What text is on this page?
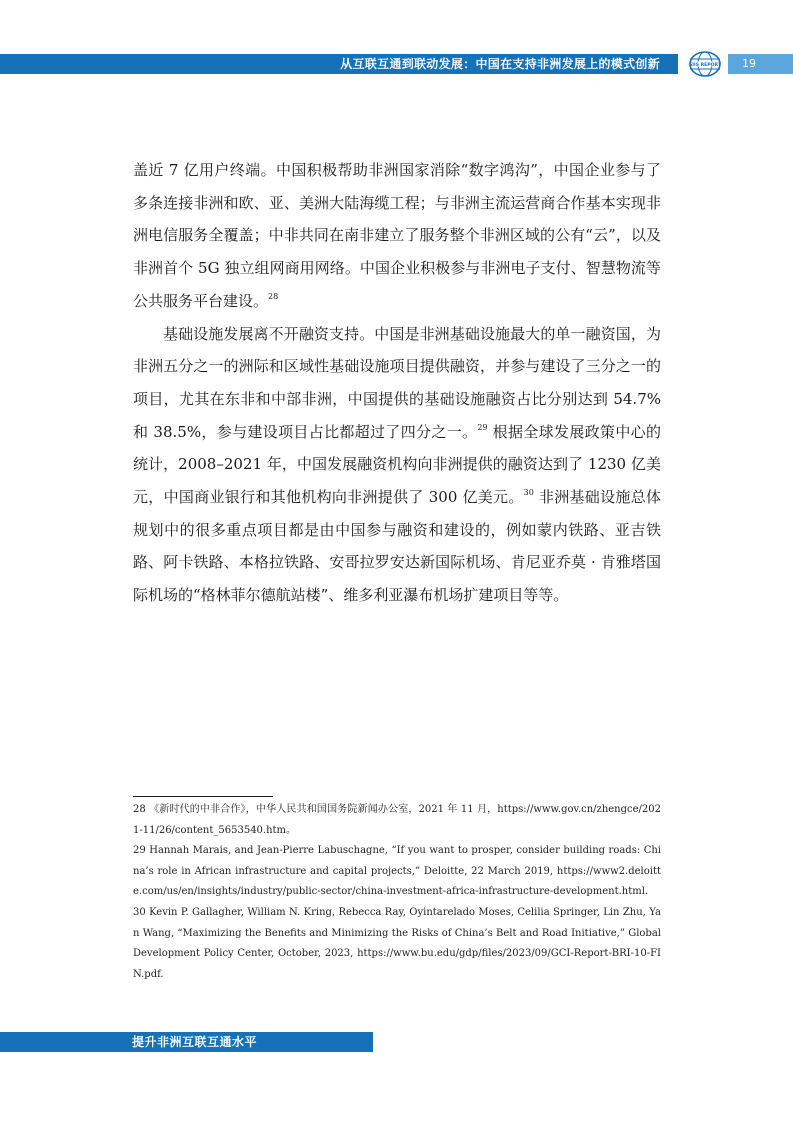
从互联互通到联动发展：中国在支持非洲发展上的模式创新	SIIS REPORT 19

盖近 7 亿用户终端。中国积极帮助非洲国家消除“数字鸿沟”，中国企业参与了多条连接非洲和欧、亚、美洲大陆海缆工程；与非洲主流运营商合作基本实现非洲电信服务全覆盖；中非共同在南非建立了服务整个非洲区域的公有“云”，以及非洲首个 5G 独立组网商用网络。中国企业积极参与非洲电子支付、智慧物流等公共服务平台建设。$^{28}$

基础设施发展离不开融资支持。中国是非洲基础设施最大的单一融资国，为非洲五分之一的洲际和区域性基础设施项目提供融资，并参与建设了三分之一的项目，尤其在东非和中部非洲，中国提供的基础设施融资占比分别达到 54.7% 和 38.5%，参与建设项目占比都超过了四分之一。$^{29}$ 根据全球发展政策中心的统计，2008–2021 年，中国发展融资机构向非洲提供的融资达到了 1230 亿美元，中国商业银行和其他机构向非洲提供了 300 亿美元。$^{30}$ 非洲基础设施总体规划中的很多重点项目都是由中国参与融资和建设的，例如蒙内铁路、亚吉铁路、阿卡铁路、本格拉铁路、安哥拉罗安达新国际机场、肯尼亚乔莫 · 肯雅塔国际机场的“格林菲尔德航站楼”、维多利亚瀑布机场扩建项目等等。

28 《新时代的中非合作》，中华人民共和国国务院新闻办公室，2021 年 11 月，https://www.gov.cn/zhengce/2021-11/26/content_5653540.htm。

29 Hannah Marais, and Jean-Pierre Labuschagne, “If you want to prosper, consider building roads: China’s role in African infrastructure and capital projects,” Deloitte, 22 March 2019, https://www2.deloitte.com/us/en/insights/industry/public-sector/china-investment-africa-infrastructure-development.html.

30 Kevin P. Gallagher, William N. Kring, Rebecca Ray, Oyintarelado Moses, Celilia Springer, Lin Zhu, Yan Wang, “Maximizing the Benefits and Minimizing the Risks of China’s Belt and Road Initiative,” Global Development Policy Center, October, 2023, https://www.bu.edu/gdp/files/2023/09/GCI-Report-BRI-10-FIN.pdf.

提升非洲互联互通水平
